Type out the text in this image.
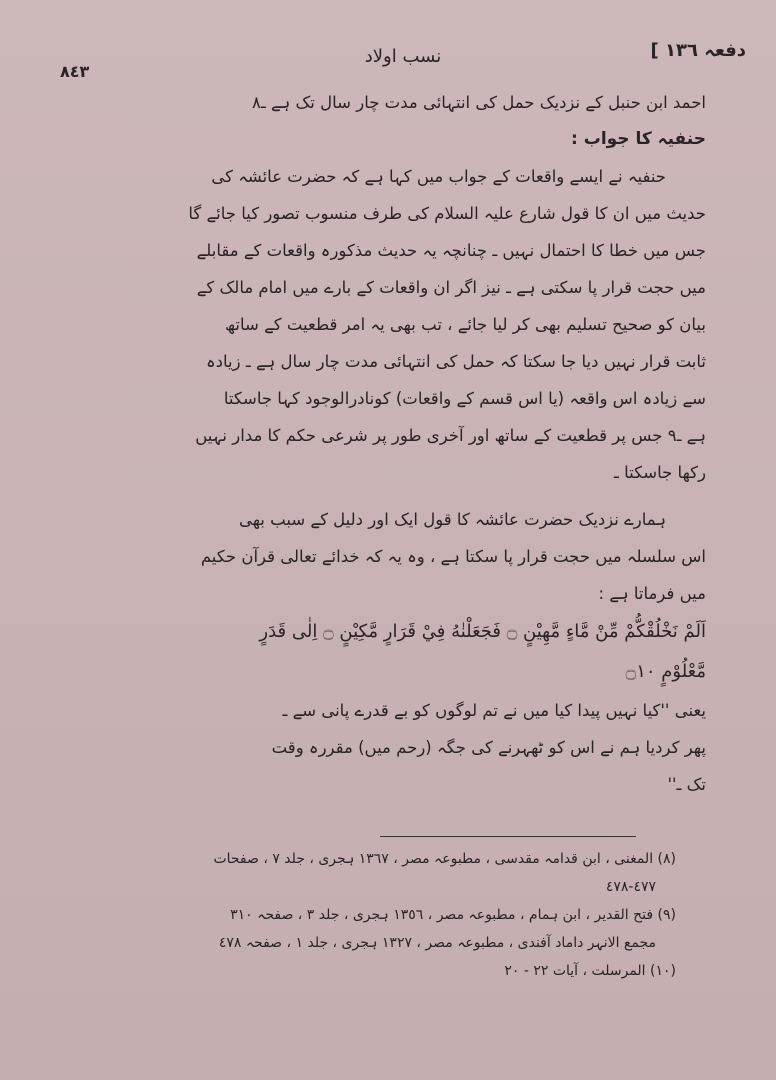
دفعہ ١٣٦ ]
نسب اولاد
٨٤٣
احمد ابن حنبل کے نزدیک حمل کی انتہائی مدت چار سال تک ہے ـ٨
حنفیہ کا جواب :
حنفیہ نے ایسے واقعات کے جواب میں کہا ہے کہ حضرت عائشہ کی
حدیث میں ان کا قول شارع علیہ السلام کی طرف منسوب تصور کیا جائے گا
جس میں خطا کا احتمال نہیں ـ چنانچہ یہ حدیث مذکورہ واقعات کے مقابلے
میں حجت قرار پا سکتی ہے ـ نیز اگر ان واقعات کے بارے میں امام مالک کے
بیان کو صحیح تسلیم بھی کر لیا جائے ، تب بھی یہ امر قطعیت کے ساتھ
ثابت قرار نہیں دیا جا سکتا کہ حمل کی انتہائی مدت چار سال ہے ـ زیادہ
سے زیادہ اس واقعہ (یا اس قسم کے واقعات) کونادرالوجود کہا جاسکتا
ہے ـ٩ جس پر قطعیت کے ساتھ اور آخری طور پر شرعی حکم کا مدار نہیں
رکھا جاسکتا ـ
ہمارے نزدیک حضرت عائشہ کا قول ایک اور دلیل کے سبب بھی
اس سلسلہ میں حجت قرار پا سکتا ہے ، وہ یہ کہ خدائے تعالی قرآن حکیم
میں فرماتا ہے :
اَلَمْ نَخْلُقْكُّمْ مِّنْ مَّاءٍ مَّهِيْنٍ ۝ فَجَعَلْنٰهُ فِيْ قَرَارٍ مَّكِيْنٍ ۝ اِلٰى قَدَرٍ
مَّعْلُوْمٍ ۝١٠
یعنی ''کیا نہیں پیدا کیا میں نے تم لوگوں کو بے قدرے پانی سے ـ
پھر کردیا ہم نے اس کو ٹھہرنے کی جگہ (رحم میں) مقررہ وقت
تک ـ''
(٨) المغنی ، ابن قدامہ مقدسی ، مطبوعہ مصر ، ١٣٦٧ ہجری ، جلد ٧ ، صفحات
٤٧٧-٤٧٨
(٩) فتح القدیر ، ابن ہمام ، مطبوعہ مصر ، ١٣٥٦ ہجری ، جلد ٣ ، صفحہ ٣١٠
مجمع الانہر داماد آفندی ، مطبوعہ مصر ، ١٣٢٧ ہجری ، جلد ١ ، صفحہ ٤٧٨
(١٠) المرسلت ، آیات ٢٢ - ٢٠
